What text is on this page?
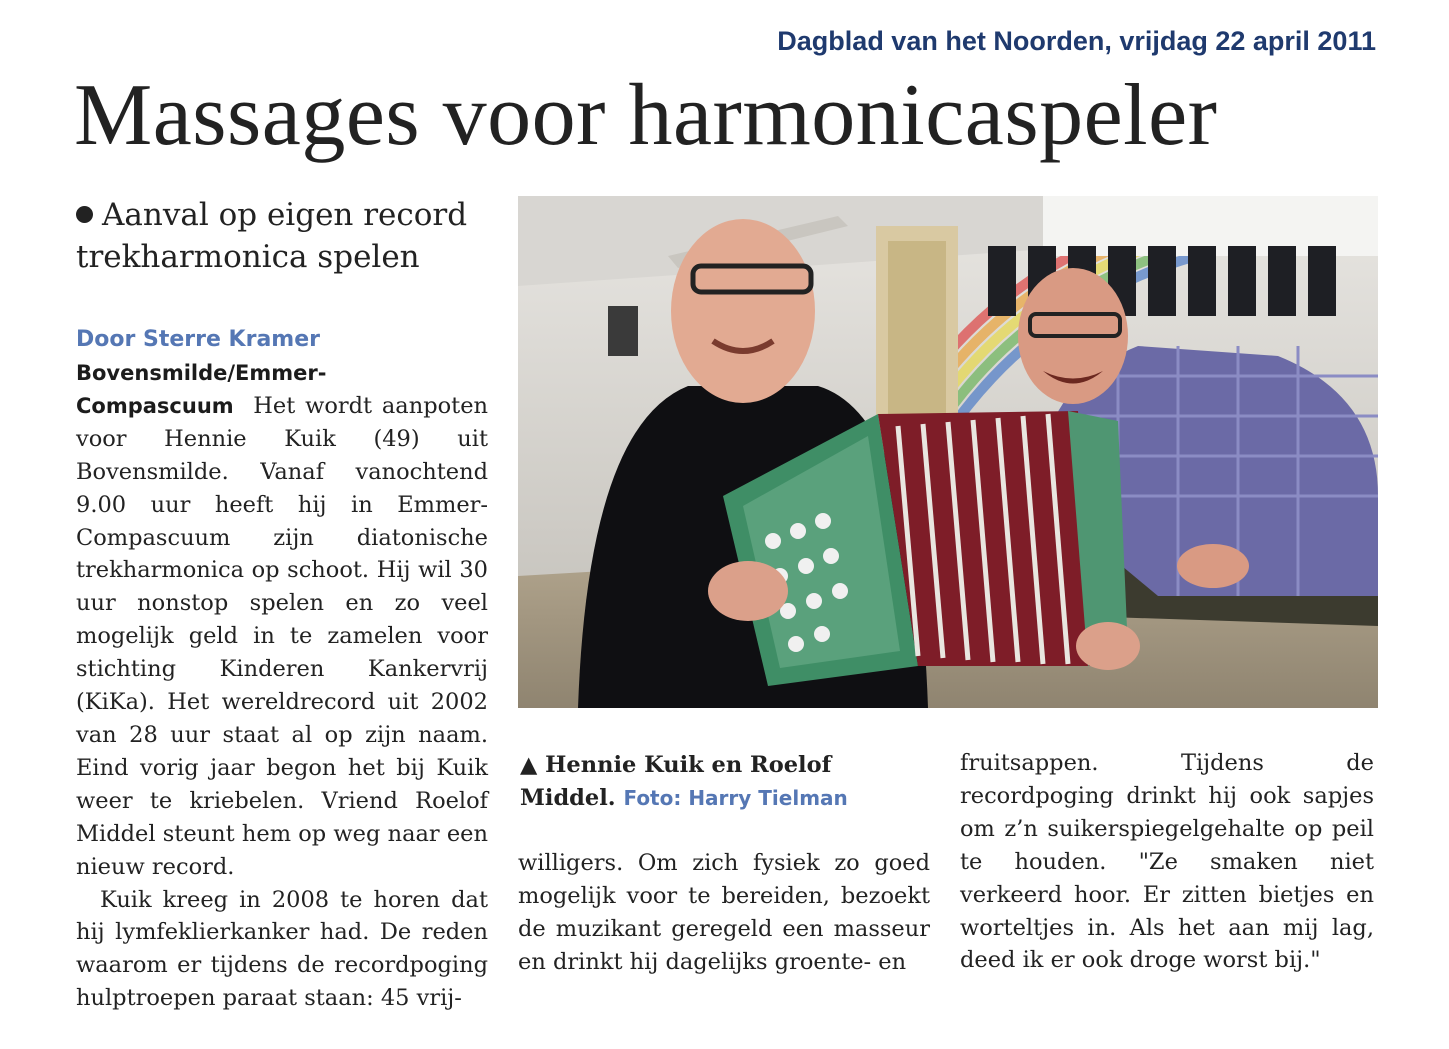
Dagblad van het Noorden, vrijdag 22 april 2011
Massages voor harmonicaspeler
Aanval op eigen record trekharmonica spelen
Door Sterre Kramer

Bovensmilde/Emmer-Compascuum Het wordt aanpoten voor Hennie Kuik (49) uit Bovensmilde. Vanaf vanochtend 9.00 uur heeft hij in Emmer-Compascuum zijn diatonische trekharmonica op schoot. Hij wil 30 uur nonstop spelen en zo veel mogelijk geld in te zamelen voor stichting Kinderen Kankervrij (KiKa). Het wereldrecord uit 2002 van 28 uur staat al op zijn naam. Eind vorig jaar begon het bij Kuik weer te kriebelen. Vriend Roelof Middel steunt hem op weg naar een nieuw record.

Kuik kreeg in 2008 te horen dat hij lymfeklierkanker had. De reden waarom er tijdens de recordpoging hulptroepen paraat staan: 45 vrij-

▲ Hennie Kuik en Roelof Middel. Foto: Harry Tielman

willigers. Om zich fysiek zo goed mogelijk voor te bereiden, bezoekt de muzikant geregeld een masseur en drinkt hij dagelijks groente- en

fruitsappen. Tijdens de recordpoging drinkt hij ook sapjes om z’n suikerspiegelgehalte op peil te houden. "Ze smaken niet verkeerd hoor. Er zitten bietjes en worteltjes in. Als het aan mij lag, deed ik er ook droge worst bij."
